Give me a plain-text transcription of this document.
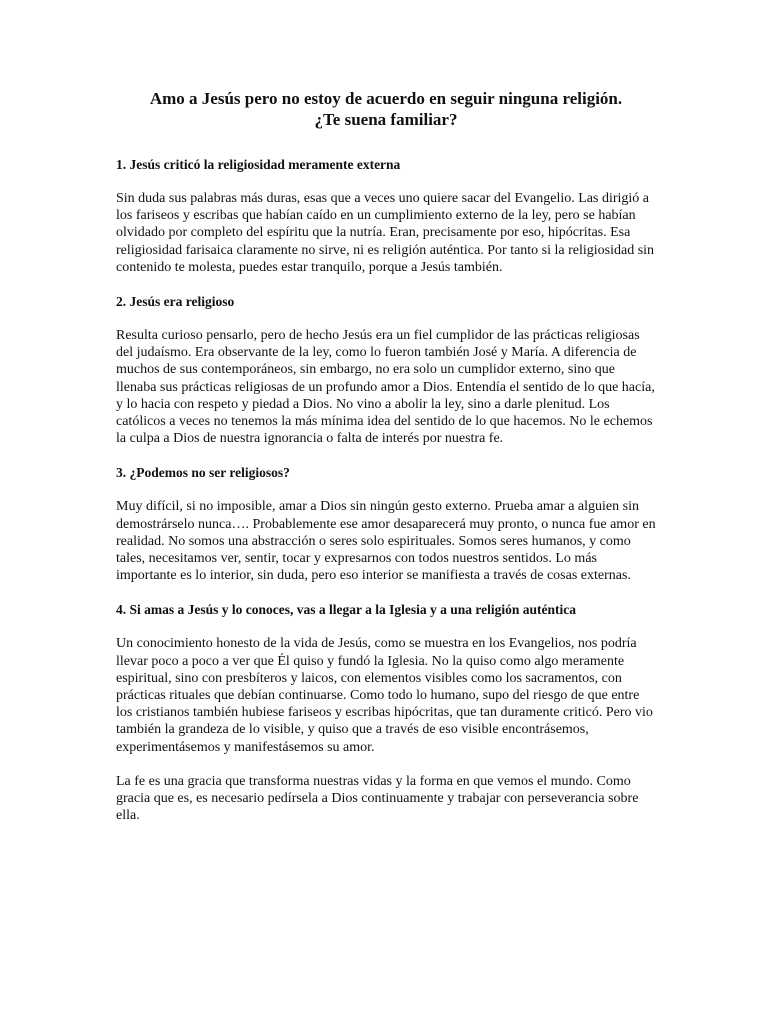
Amo a Jesús pero no estoy de acuerdo en seguir ninguna religión.
¿Te suena familiar?
1. Jesús criticó la religiosidad meramente externa

Sin duda sus palabras más duras, esas que a veces uno quiere sacar del Evangelio. Las dirigió a los fariseos y escribas que habían caído en un cumplimiento externo de la ley, pero se habían olvidado por completo del espíritu que la nutría. Eran, precisamente por eso, hipócritas. Esa religiosidad farisaica claramente no sirve, ni es religión auténtica. Por tanto si la religiosidad sin contenido te molesta, puedes estar tranquilo, porque a Jesús también.

2. Jesús era religioso

Resulta curioso pensarlo, pero de hecho Jesús era un fiel cumplidor de las prácticas religiosas del judaísmo. Era observante de la ley, como lo fueron también José y María. A diferencia de muchos de sus contemporáneos, sin embargo, no era solo un cumplidor externo, sino que llenaba sus prácticas religiosas de un profundo amor a Dios. Entendía el sentido de lo que hacía, y lo hacia con respeto y piedad a Dios. No vino a abolir la ley, sino a darle plenitud. Los católicos a veces no tenemos la más mínima idea del sentido de lo que hacemos. No le echemos la culpa a Dios de nuestra ignorancia o falta de interés por nuestra fe.

3. ¿Podemos no ser religiosos?

Muy difícil, si no imposible, amar a Dios sin ningún gesto externo. Prueba amar a alguien sin demostrárselo nunca…. Probablemente ese amor desaparecerá muy pronto, o nunca fue amor en realidad. No somos una abstracción o seres solo espirituales. Somos seres humanos, y como tales, necesitamos ver, sentir, tocar y expresarnos con todos nuestros sentidos. Lo más importante es lo interior, sin duda, pero eso interior se manifiesta a través de cosas externas.

4. Si amas a Jesús y lo conoces, vas a llegar a la Iglesia y a una religión auténtica

Un conocimiento honesto de la vida de Jesús, como se muestra en los Evangelios, nos podría llevar poco a poco a ver que Él quiso y fundó la Iglesia. No la quiso como algo meramente espiritual, sino con presbíteros y laicos, con elementos visibles como los sacramentos, con prácticas rituales que debían continuarse. Como todo lo humano, supo del riesgo de que entre los cristianos también hubiese fariseos y escribas hipócritas, que tan duramente criticó. Pero vio también la grandeza de lo visible, y quiso que a través de eso visible encontrásemos, experimentásemos y manifestásemos su amor.

La fe es una gracia que transforma nuestras vidas y la forma en que vemos el mundo. Como gracia que es, es necesario pedírsela a Dios continuamente y trabajar con perseverancia sobre ella.
